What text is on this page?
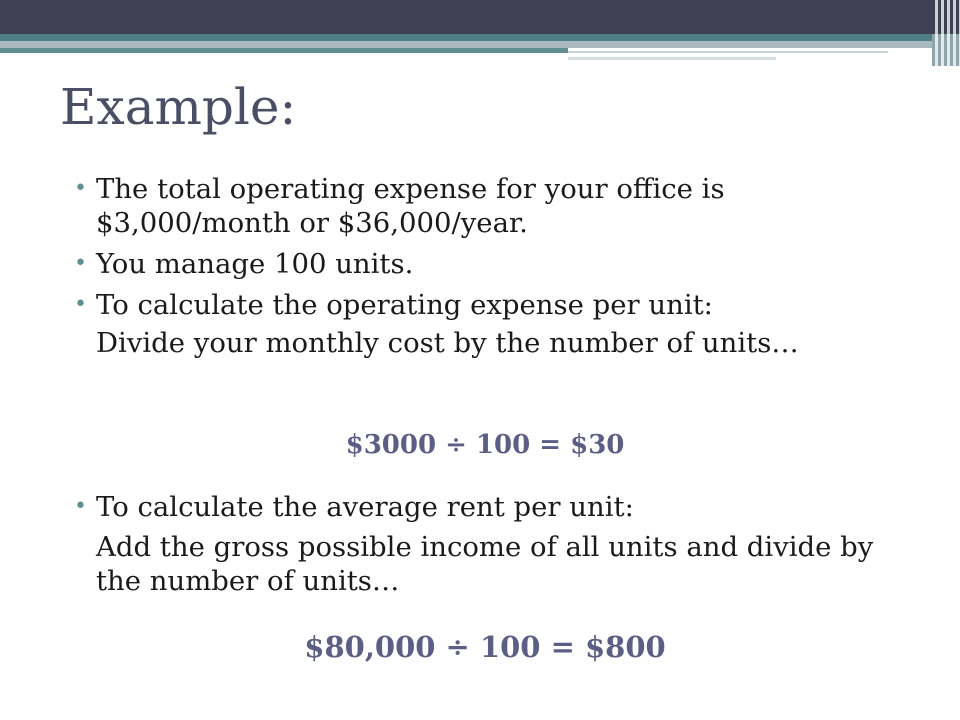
Example:

• The total operating expense for your office is $3,000/month or $36,000/year.

• You manage 100 units.

• To calculate the operating expense per unit:

Divide your monthly cost by the number of units…

$3000 ÷ 100 = $30

• To calculate the average rent per unit:

Add the gross possible income of all units and divide by the number of units…

$80,000 ÷ 100 = $800
